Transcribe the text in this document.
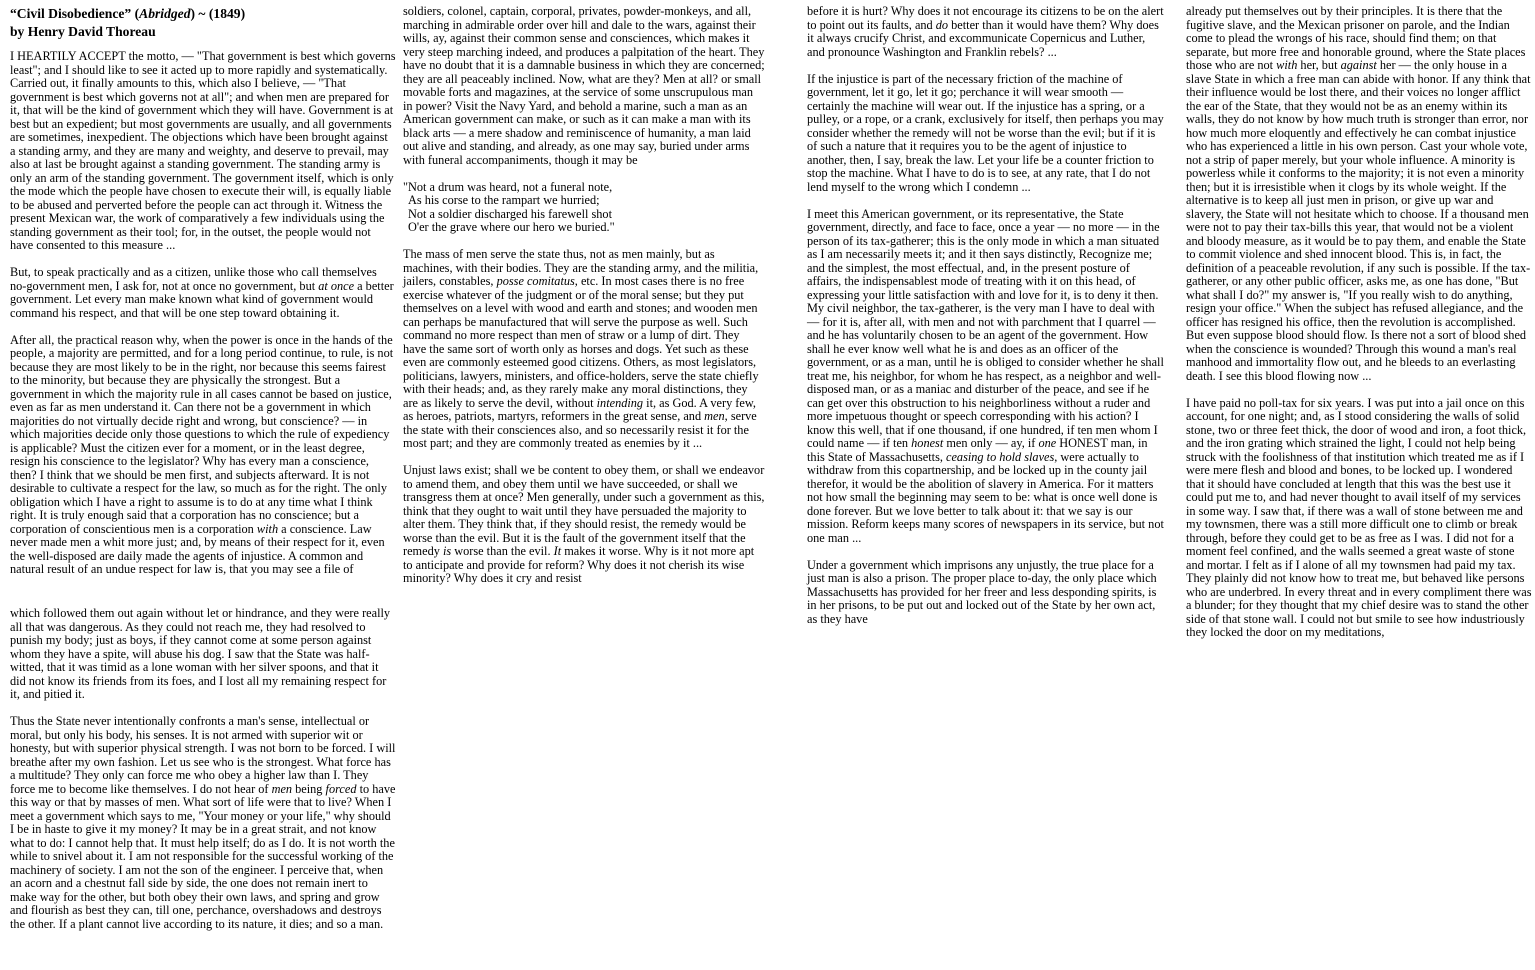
“Civil Disobedience” (Abridged) ~ (1849)
by Henry David Thoreau

I HEARTILY ACCEPT the motto, — "That government is best which governs least"; and I should like to see it acted up to more rapidly and systematically. Carried out, it finally amounts to this, which also I believe, — "That government is best which governs not at all"; and when men are prepared for it, that will be the kind of government which they will have. Government is at best but an expedient; but most governments are usually, and all governments are sometimes, inexpedient. The objections which have been brought against a standing army, and they are many and weighty, and deserve to prevail, may also at last be brought against a standing government. The standing army is only an arm of the standing government. The government itself, which is only the mode which the people have chosen to execute their will, is equally liable to be abused and perverted before the people can act through it. Witness the present Mexican war, the work of comparatively a few individuals using the standing government as their tool; for, in the outset, the people would not have consented to this measure ...

But, to speak practically and as a citizen, unlike those who call themselves no-government men, I ask for, not at once no government, but at once a better government. Let every man make known what kind of government would command his respect, and that will be one step toward obtaining it.

After all, the practical reason why, when the power is once in the hands of the people, a majority are permitted, and for a long period continue, to rule, is not because they are most likely to be in the right, nor because this seems fairest to the minority, but because they are physically the strongest. But a government in which the majority rule in all cases cannot be based on justice, even as far as men understand it. Can there not be a government in which majorities do not virtually decide right and wrong, but conscience? — in which majorities decide only those questions to which the rule of expediency is applicable? Must the citizen ever for a moment, or in the least degree, resign his conscience to the legislator? Why has every man a conscience, then? I think that we should be men first, and subjects afterward. It is not desirable to cultivate a respect for the law, so much as for the right. The only obligation which I have a right to assume is to do at any time what I think right. It is truly enough said that a corporation has no conscience; but a corporation of conscientious men is a corporation with a conscience. Law never made men a whit more just; and, by means of their respect for it, even the well-disposed are daily made the agents of injustice. A common and natural result of an undue respect for law is, that you may see a file of

soldiers, colonel, captain, corporal, privates, powder-monkeys, and all, marching in admirable order over hill and dale to the wars, against their wills, ay, against their common sense and consciences, which makes it very steep marching indeed, and produces a palpitation of the heart. They have no doubt that it is a damnable business in which they are concerned; they are all peaceably inclined. Now, what are they? Men at all? or small movable forts and magazines, at the service of some unscrupulous man in power? Visit the Navy Yard, and behold a marine, such a man as an American government can make, or such as it can make a man with its black arts — a mere shadow and reminiscence of humanity, a man laid out alive and standing, and already, as one may say, buried under arms with funeral accompaniments, though it may be

"Not a drum was heard, not a funeral note,
As his corse to the rampart we hurried;
Not a soldier discharged his farewell shot
O'er the grave where our hero we buried."

The mass of men serve the state thus, not as men mainly, but as machines, with their bodies. They are the standing army, and the militia, jailers, constables, posse comitatus, etc. In most cases there is no free exercise whatever of the judgment or of the moral sense; but they put themselves on a level with wood and earth and stones; and wooden men can perhaps be manufactured that will serve the purpose as well. Such command no more respect than men of straw or a lump of dirt. They have the same sort of worth only as horses and dogs. Yet such as these even are commonly esteemed good citizens. Others, as most legislators, politicians, lawyers, ministers, and office-holders, serve the state chiefly with their heads; and, as they rarely make any moral distinctions, they are as likely to serve the devil, without intending it, as God. A very few, as heroes, patriots, martyrs, reformers in the great sense, and men, serve the state with their consciences also, and so necessarily resist it for the most part; and they are commonly treated as enemies by it ...

Unjust laws exist; shall we be content to obey them, or shall we endeavor to amend them, and obey them until we have succeeded, or shall we transgress them at once? Men generally, under such a government as this, think that they ought to wait until they have persuaded the majority to alter them. They think that, if they should resist, the remedy would be worse than the evil. But it is the fault of the government itself that the remedy is worse than the evil. It makes it worse. Why is it not more apt to anticipate and provide for reform? Why does it not cherish its wise minority? Why does it cry and resist

before it is hurt? Why does it not encourage its citizens to be on the alert to point out its faults, and do better than it would have them? Why does it always crucify Christ, and excommunicate Copernicus and Luther, and pronounce Washington and Franklin rebels? ...

If the injustice is part of the necessary friction of the machine of government, let it go, let it go; perchance it will wear smooth — certainly the machine will wear out. If the injustice has a spring, or a pulley, or a rope, or a crank, exclusively for itself, then perhaps you may consider whether the remedy will not be worse than the evil; but if it is of such a nature that it requires you to be the agent of injustice to another, then, I say, break the law. Let your life be a counter friction to stop the machine. What I have to do is to see, at any rate, that I do not lend myself to the wrong which I condemn ...

I meet this American government, or its representative, the State government, directly, and face to face, once a year — no more — in the person of its tax-gatherer; this is the only mode in which a man situated as I am necessarily meets it; and it then says distinctly, Recognize me; and the simplest, the most effectual, and, in the present posture of affairs, the indispensablest mode of treating with it on this head, of expressing your little satisfaction with and love for it, is to deny it then. My civil neighbor, the tax-gatherer, is the very man I have to deal with — for it is, after all, with men and not with parchment that I quarrel — and he has voluntarily chosen to be an agent of the government. How shall he ever know well what he is and does as an officer of the government, or as a man, until he is obliged to consider whether he shall treat me, his neighbor, for whom he has respect, as a neighbor and well-disposed man, or as a maniac and disturber of the peace, and see if he can get over this obstruction to his neighborliness without a ruder and more impetuous thought or speech corresponding with his action? I know this well, that if one thousand, if one hundred, if ten men whom I could name — if ten honest men only — ay, if one HONEST man, in this State of Massachusetts, ceasing to hold slaves, were actually to withdraw from this copartnership, and be locked up in the county jail therefor, it would be the abolition of slavery in America. For it matters not how small the beginning may seem to be: what is once well done is done forever. But we love better to talk about it: that we say is our mission. Reform keeps many scores of newspapers in its service, but not one man ...

Under a government which imprisons any unjustly, the true place for a just man is also a prison. The proper place to-day, the only place which Massachusetts has provided for her freer and less desponding spirits, is in her prisons, to be put out and locked out of the State by her own act, as they have

already put themselves out by their principles. It is there that the fugitive slave, and the Mexican prisoner on parole, and the Indian come to plead the wrongs of his race, should find them; on that separate, but more free and honorable ground, where the State places those who are not with her, but against her — the only house in a slave State in which a free man can abide with honor. If any think that their influence would be lost there, and their voices no longer afflict the ear of the State, that they would not be as an enemy within its walls, they do not know by how much truth is stronger than error, nor how much more eloquently and effectively he can combat injustice who has experienced a little in his own person. Cast your whole vote, not a strip of paper merely, but your whole influence. A minority is powerless while it conforms to the majority; it is not even a minority then; but it is irresistible when it clogs by its whole weight. If the alternative is to keep all just men in prison, or give up war and slavery, the State will not hesitate which to choose. If a thousand men were not to pay their tax-bills this year, that would not be a violent and bloody measure, as it would be to pay them, and enable the State to commit violence and shed innocent blood. This is, in fact, the definition of a peaceable revolution, if any such is possible. If the tax-gatherer, or any other public officer, asks me, as one has done, "But what shall I do?" my answer is, "If you really wish to do anything, resign your office." When the subject has refused allegiance, and the officer has resigned his office, then the revolution is accomplished. But even suppose blood should flow. Is there not a sort of blood shed when the conscience is wounded? Through this wound a man's real manhood and immortality flow out, and he bleeds to an everlasting death. I see this blood flowing now ...

I have paid no poll-tax for six years. I was put into a jail once on this account, for one night; and, as I stood considering the walls of solid stone, two or three feet thick, the door of wood and iron, a foot thick, and the iron grating which strained the light, I could not help being struck with the foolishness of that institution which treated me as if I were mere flesh and blood and bones, to be locked up. I wondered that it should have concluded at length that this was the best use it could put me to, and had never thought to avail itself of my services in some way. I saw that, if there was a wall of stone between me and my townsmen, there was a still more difficult one to climb or break through, before they could get to be as free as I was. I did not for a moment feel confined, and the walls seemed a great waste of stone and mortar. I felt as if I alone of all my townsmen had paid my tax. They plainly did not know how to treat me, but behaved like persons who are underbred. In every threat and in every compliment there was a blunder; for they thought that my chief desire was to stand the other side of that stone wall. I could not but smile to see how industriously they locked the door on my meditations,

which followed them out again without let or hindrance, and they were really all that was dangerous. As they could not reach me, they had resolved to punish my body; just as boys, if they cannot come at some person against whom they have a spite, will abuse his dog. I saw that the State was half-witted, that it was timid as a lone woman with her silver spoons, and that it did not know its friends from its foes, and I lost all my remaining respect for it, and pitied it.

Thus the State never intentionally confronts a man's sense, intellectual or moral, but only his body, his senses. It is not armed with superior wit or honesty, but with superior physical strength. I was not born to be forced. I will breathe after my own fashion. Let us see who is the strongest. What force has a multitude? They only can force me who obey a higher law than I. They force me to become like themselves. I do not hear of men being forced to have this way or that by masses of men. What sort of life were that to live? When I meet a government which says to me, "Your money or your life," why should I be in haste to give it my money? It may be in a great strait, and not know what to do: I cannot help that. It must help itself; do as I do. It is not worth the while to snivel about it. I am not responsible for the successful working of the machinery of society. I am not the son of the engineer. I perceive that, when an acorn and a chestnut fall side by side, the one does not remain inert to make way for the other, but both obey their own laws, and spring and grow and flourish as best they can, till one, perchance, overshadows and destroys the other. If a plant cannot live according to its nature, it dies; and so a man.
